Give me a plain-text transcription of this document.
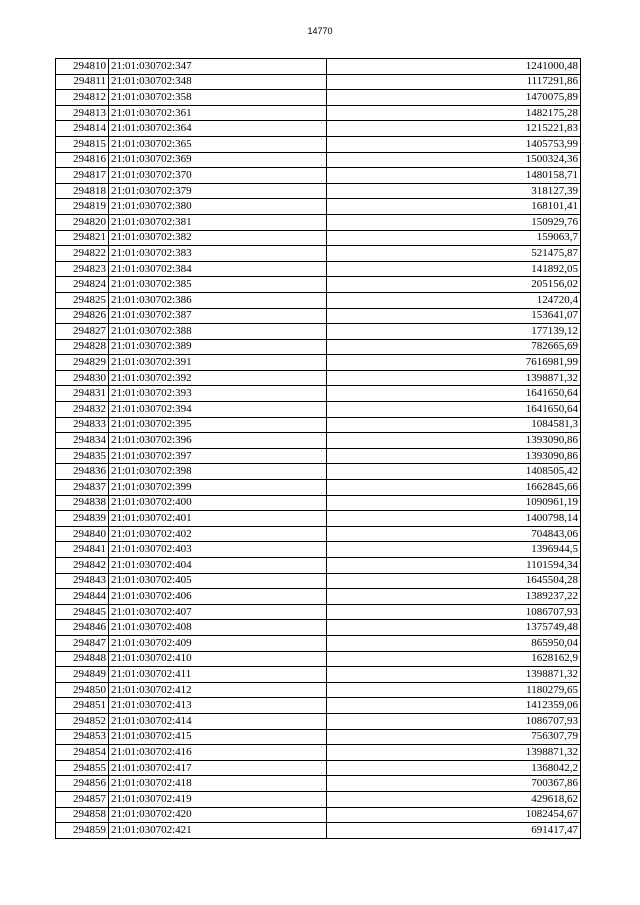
14770
294810	21:01:030702:347	1241000,48
294811	21:01:030702:348	1117291,86
294812	21:01:030702:358	1470075,89
294813	21:01:030702:361	1482175,28
294814	21:01:030702:364	1215221,83
294815	21:01:030702:365	1405753,99
294816	21:01:030702:369	1500324,36
294817	21:01:030702:370	1480158,71
294818	21:01:030702:379	318127,39
294819	21:01:030702:380	168101,41
294820	21:01:030702:381	150929,76
294821	21:01:030702:382	159063,7
294822	21:01:030702:383	521475,87
294823	21:01:030702:384	141892,05
294824	21:01:030702:385	205156,02
294825	21:01:030702:386	124720,4
294826	21:01:030702:387	153641,07
294827	21:01:030702:388	177139,12
294828	21:01:030702:389	782665,69
294829	21:01:030702:391	7616981,99
294830	21:01:030702:392	1398871,32
294831	21:01:030702:393	1641650,64
294832	21:01:030702:394	1641650,64
294833	21:01:030702:395	1084581,3
294834	21:01:030702:396	1393090,86
294835	21:01:030702:397	1393090,86
294836	21:01:030702:398	1408505,42
294837	21:01:030702:399	1662845,66
294838	21:01:030702:400	1090961,19
294839	21:01:030702:401	1400798,14
294840	21:01:030702:402	704843,06
294841	21:01:030702:403	1396944,5
294842	21:01:030702:404	1101594,34
294843	21:01:030702:405	1645504,28
294844	21:01:030702:406	1389237,22
294845	21:01:030702:407	1086707,93
294846	21:01:030702:408	1375749,48
294847	21:01:030702:409	865950,04
294848	21:01:030702:410	1628162,9
294849	21:01:030702:411	1398871,32
294850	21:01:030702:412	1180279,65
294851	21:01:030702:413	1412359,06
294852	21:01:030702:414	1086707,93
294853	21:01:030702:415	756307,79
294854	21:01:030702:416	1398871,32
294855	21:01:030702:417	1368042,2
294856	21:01:030702:418	700367,86
294857	21:01:030702:419	429618,62
294858	21:01:030702:420	1082454,67
294859	21:01:030702:421	691417,47
